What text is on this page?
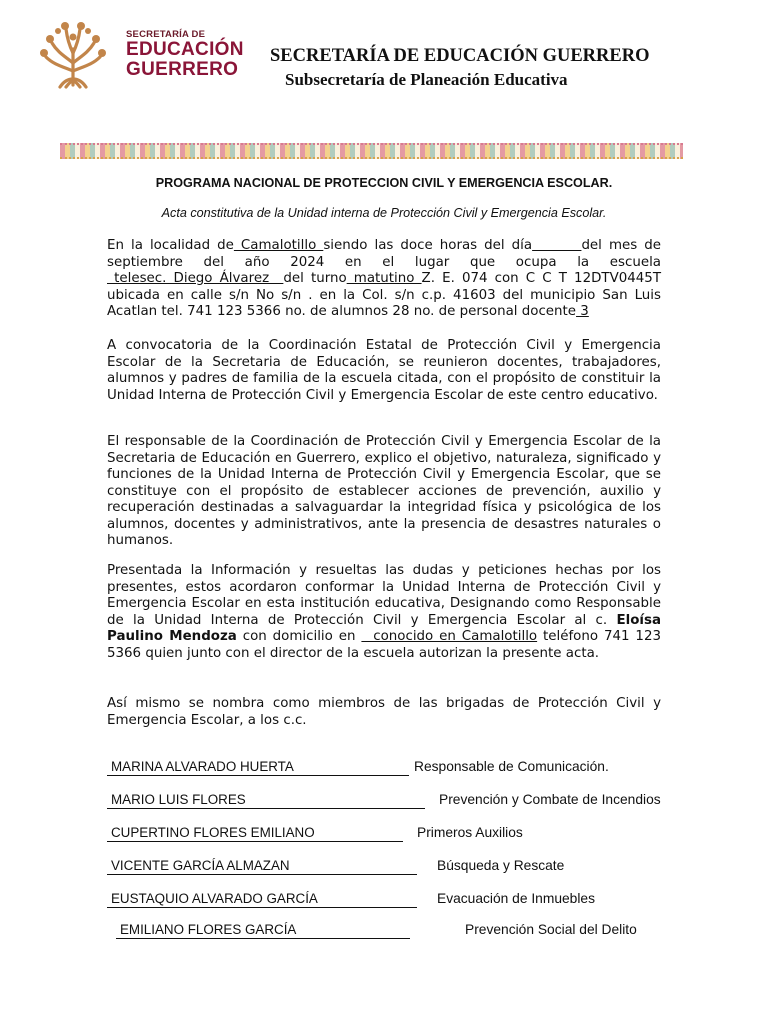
SECRETARÍA DE
EDUCACIÓN
GUERRERO
SECRETARÍA DE EDUCACIÓN GUERRERO
Subsecretaría de Planeación Educativa
PROGRAMA NACIONAL DE PROTECCION CIVIL Y EMERGENCIA ESCOLAR.
Acta constitutiva de la Unidad interna de Protección Civil y Emergencia Escolar.
En la localidad de Camalotillo siendo las doce horas del día	del mes de septiembre del año 2024 en el lugar que ocupa la escuela telesec. Diego Álvarez  del turno matutino Z. E. 074 con C C T 12DTV0445T ubicada en calle s/n No s/n . en la Col. s/n c.p. 41603 del municipio San Luis Acatlan tel. 741 123 5366 no. de alumnos 28 no. de personal docente 3
A convocatoria de la Coordinación Estatal de Protección Civil y Emergencia Escolar de la Secretaria de Educación, se reunieron docentes, trabajadores, alumnos y padres de familia de la escuela citada, con el propósito de constituir la Unidad Interna de Protección Civil y Emergencia Escolar de este centro educativo.
El responsable de la Coordinación de Protección Civil y Emergencia Escolar de la Secretaria de Educación en Guerrero, explico el objetivo, naturaleza, significado y funciones de la Unidad Interna de Protección Civil y Emergencia Escolar, que se constituye con el propósito de establecer acciones de prevención, auxilio y recuperación destinadas a salvaguardar la integridad física y psicológica de los alumnos, docentes y administrativos, ante la presencia de desastres naturales o humanos.
Presentada la Información y resueltas las dudas y peticiones hechas por los presentes, estos acordaron conformar la Unidad Interna de Protección Civil y Emergencia Escolar en esta institución educativa, Designando como Responsable de la Unidad Interna de Protección Civil y Emergencia Escolar al c. Eloísa Paulino Mendoza con domicilio en   conocido en Camalotillo teléfono 741 123 5366 quien junto con el director de la escuela autorizan la presente acta.
Así mismo se nombra como miembros de las brigadas de Protección Civil y Emergencia Escolar, a los c.c.
MARINA ALVARADO HUERTA	Responsable de Comunicación.
MARIO LUIS FLORES	Prevención y Combate de Incendios
CUPERTINO FLORES EMILIANO	Primeros Auxilios
VICENTE GARCÍA ALMAZAN	Búsqueda y Rescate
EUSTAQUIO ALVARADO GARCÍA	Evacuación de Inmuebles
EMILIANO FLORES GARCÍA	Prevención Social del Delito
